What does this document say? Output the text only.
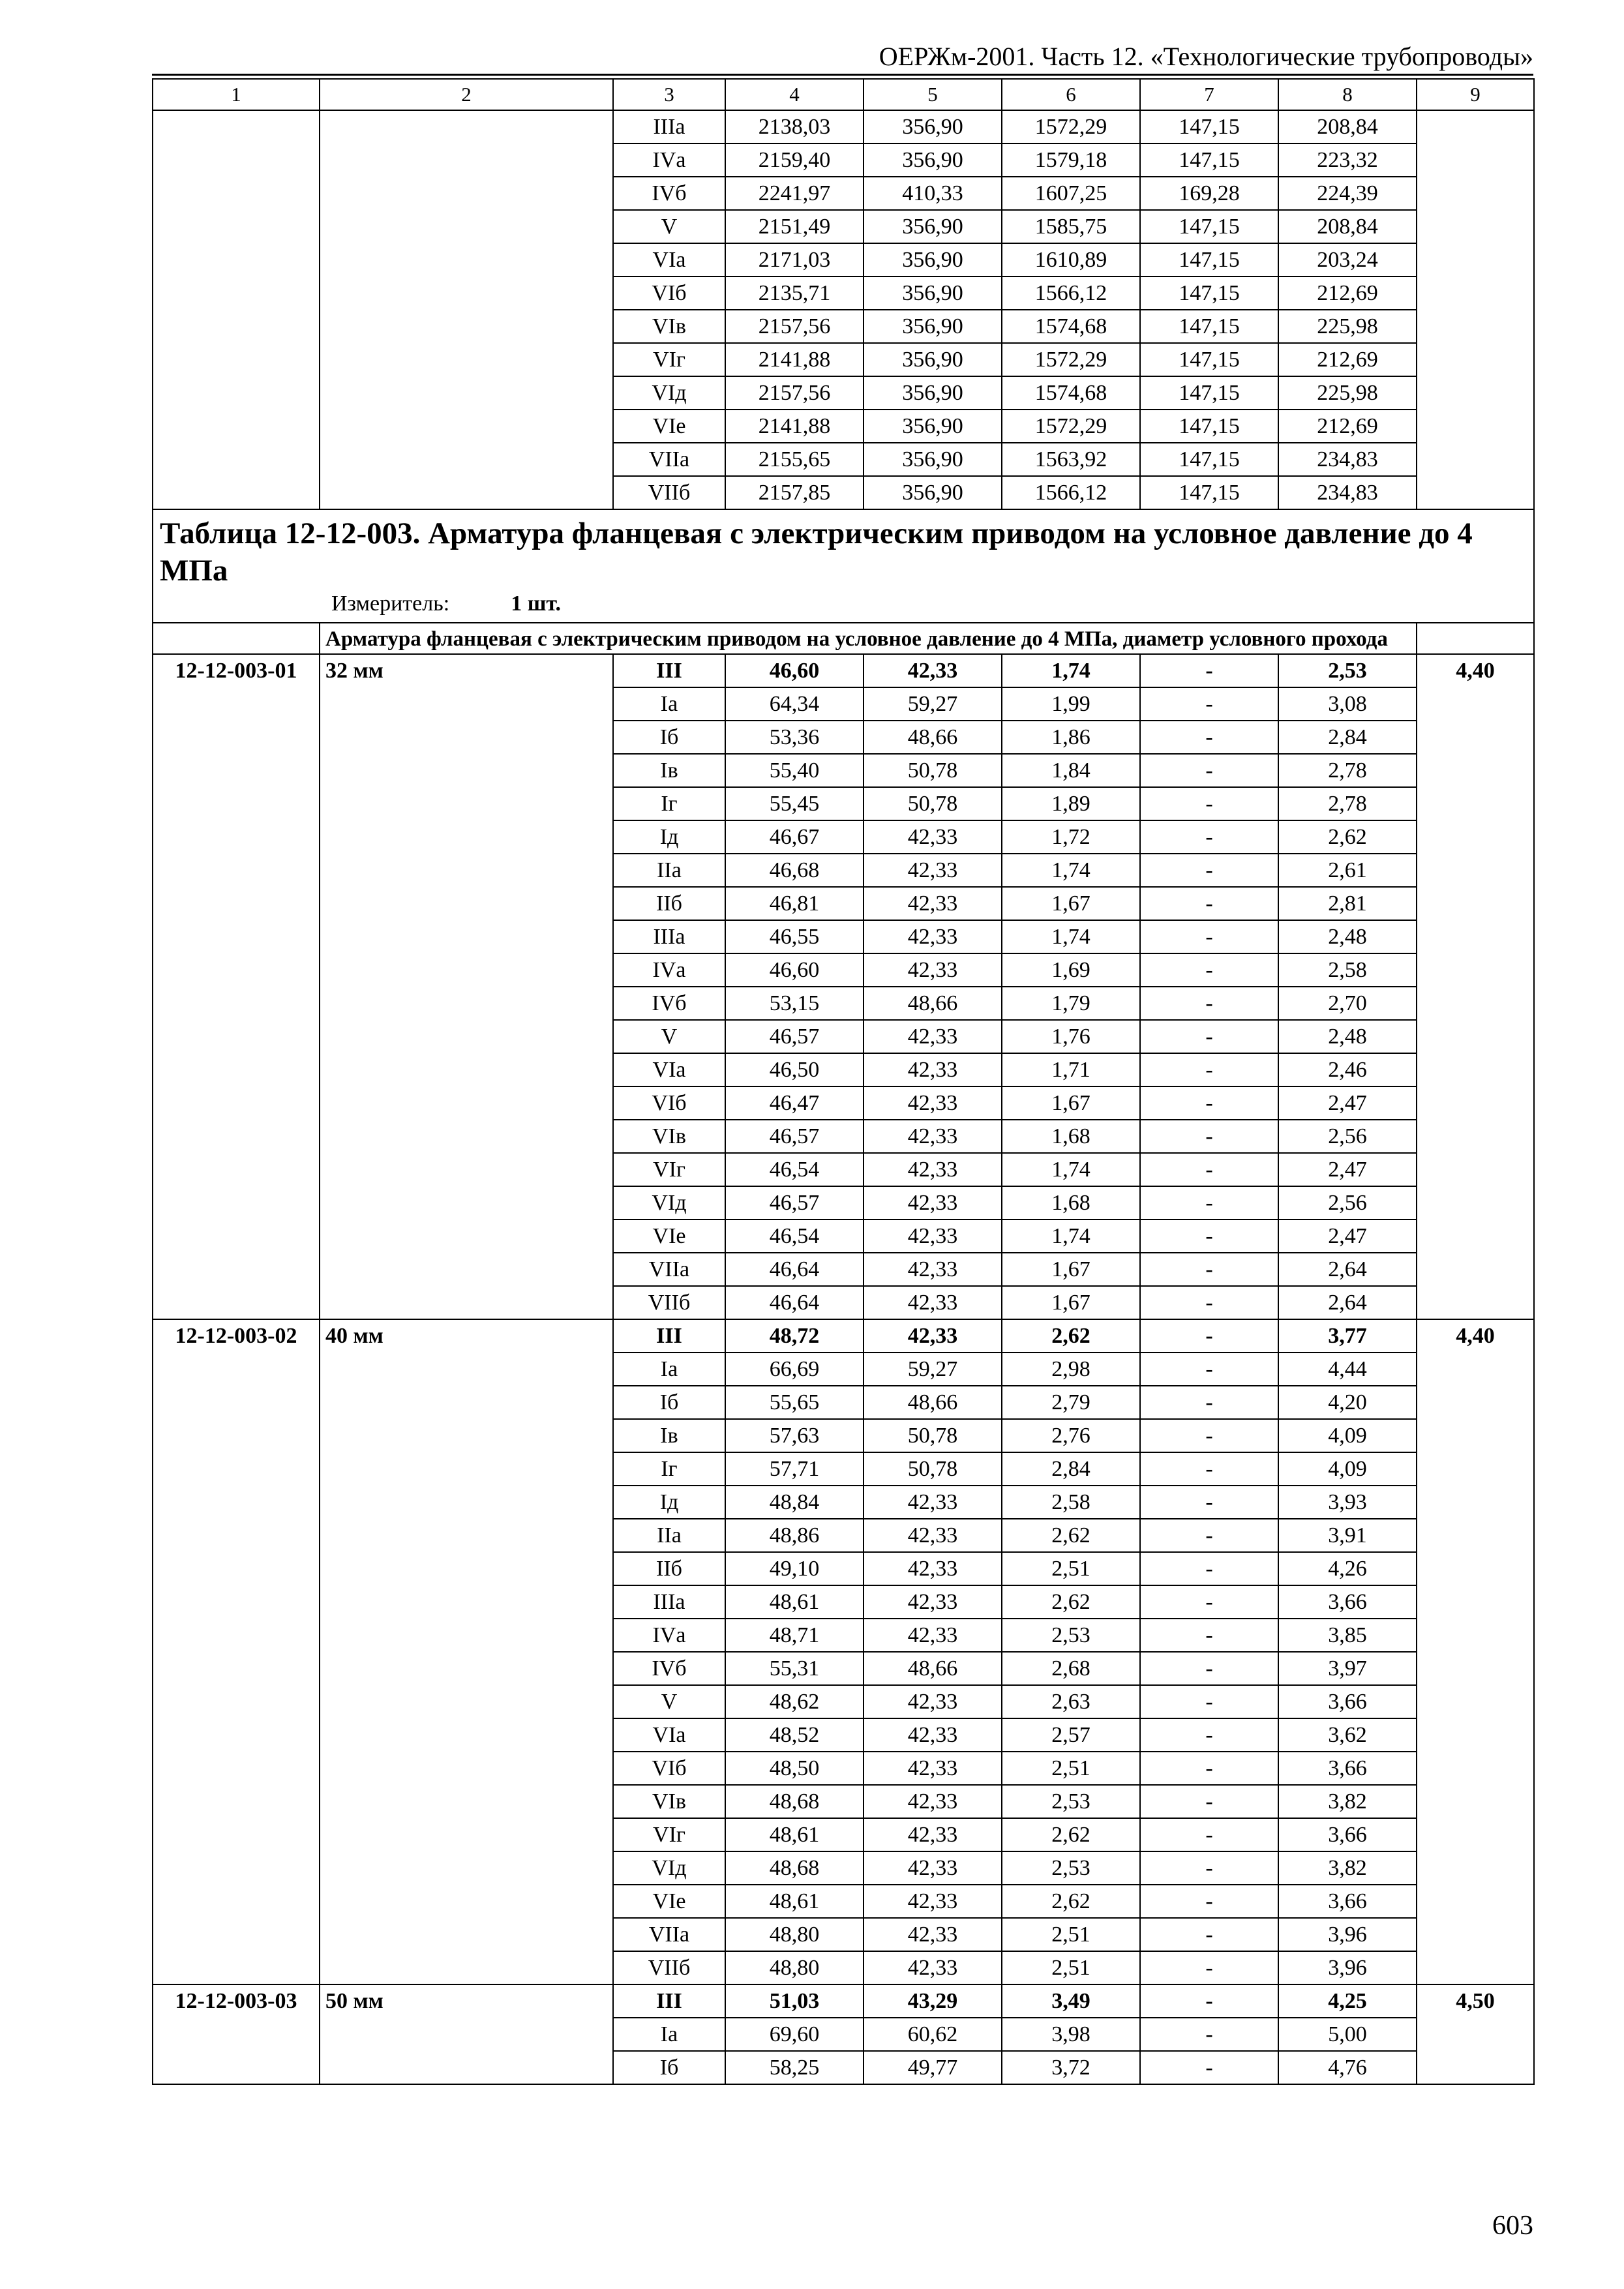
ОЕРЖм-2001. Часть 12. «Технологические трубопроводы»
1	2	3	4	5	6	7	8	9
		IIIа	2138,03	356,90	1572,29	147,15	208,84	
		IVа	2159,40	356,90	1579,18	147,15	223,32	
		IVб	2241,97	410,33	1607,25	169,28	224,39	
		V	2151,49	356,90	1585,75	147,15	208,84	
		VIа	2171,03	356,90	1610,89	147,15	203,24	
		VIб	2135,71	356,90	1566,12	147,15	212,69	
		VIв	2157,56	356,90	1574,68	147,15	225,98	
		VIг	2141,88	356,90	1572,29	147,15	212,69	
		VIд	2157,56	356,90	1574,68	147,15	225,98	
		VIе	2141,88	356,90	1572,29	147,15	212,69	
		VIIа	2155,65	356,90	1563,92	147,15	234,83	
		VIIб	2157,85	356,90	1566,12	147,15	234,83	

Таблица 12-12-003. Арматура фланцевая с электрическим приводом на условное давление до 4 МПа
Измеритель: 1 шт.								

	Арматура фланцевая с электрическим приводом на условное давление до 4 МПа, диаметр условного прохода							
12-12-003-01	32 мм	III	46,60	42,33	1,74	-	2,53	4,40
		Iа	64,34	59,27	1,99	-	3,08	
		Iб	53,36	48,66	1,86	-	2,84	
		Iв	55,40	50,78	1,84	-	2,78	
		Iг	55,45	50,78	1,89	-	2,78	
		Iд	46,67	42,33	1,72	-	2,62	
		IIа	46,68	42,33	1,74	-	2,61	
		IIб	46,81	42,33	1,67	-	2,81	
		IIIа	46,55	42,33	1,74	-	2,48	
		IVа	46,60	42,33	1,69	-	2,58	
		IVб	53,15	48,66	1,79	-	2,70	
		V	46,57	42,33	1,76	-	2,48	
		VIа	46,50	42,33	1,71	-	2,46	
		VIб	46,47	42,33	1,67	-	2,47	
		VIв	46,57	42,33	1,68	-	2,56	
		VIг	46,54	42,33	1,74	-	2,47	
		VIд	46,57	42,33	1,68	-	2,56	
		VIе	46,54	42,33	1,74	-	2,47	
		VIIа	46,64	42,33	1,67	-	2,64	
		VIIб	46,64	42,33	1,67	-	2,64	
12-12-003-02	40 мм	III	48,72	42,33	2,62	-	3,77	4,40
		Iа	66,69	59,27	2,98	-	4,44	
		Iб	55,65	48,66	2,79	-	4,20	
		Iв	57,63	50,78	2,76	-	4,09	
		Iг	57,71	50,78	2,84	-	4,09	
		Iд	48,84	42,33	2,58	-	3,93	
		IIа	48,86	42,33	2,62	-	3,91	
		IIб	49,10	42,33	2,51	-	4,26	
		IIIа	48,61	42,33	2,62	-	3,66	
		IVа	48,71	42,33	2,53	-	3,85	
		IVб	55,31	48,66	2,68	-	3,97	
		V	48,62	42,33	2,63	-	3,66	
		VIа	48,52	42,33	2,57	-	3,62	
		VIб	48,50	42,33	2,51	-	3,66	
		VIв	48,68	42,33	2,53	-	3,82	
		VIг	48,61	42,33	2,62	-	3,66	
		VIд	48,68	42,33	2,53	-	3,82	
		VIе	48,61	42,33	2,62	-	3,66	
		VIIа	48,80	42,33	2,51	-	3,96	
		VIIб	48,80	42,33	2,51	-	3,96	
12-12-003-03	50 мм	III	51,03	43,29	3,49	-	4,25	4,50
		Iа	69,60	60,62	3,98	-	5,00	
		Iб	58,25	49,77	3,72	-	4,76	
603
